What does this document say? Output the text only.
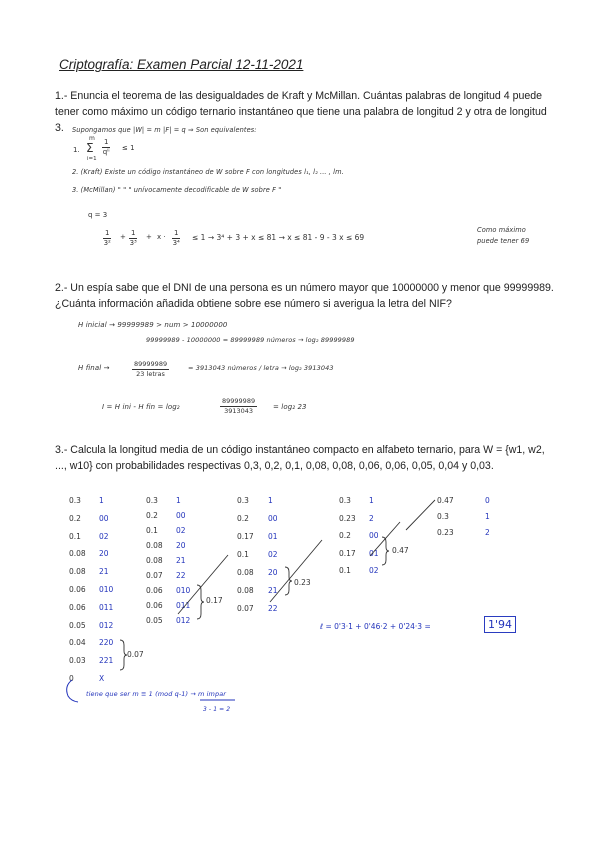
Criptografía: Examen Parcial 12-11-2021
1.- Enuncia el teorema de las desigualdades de Kraft y McMillan. Cuántas palabras de longitud 4 puede tener como máximo un código ternario instantáneo que tiene una palabra de longitud 2 y otra de longitud 3.	Supongamos que |W| = m |F| = q ⇒ Son equivalentes:
1.
m
Σ
i=1
1
qˡⁱ ≤ 1
2. (Kraft) Existe un código instantáneo de W sobre F con longitudes l₁, l₂ ... , lm.
3. (McMillan) " " " unívocamente decodificable de W sobre F "
q = 3
$\frac{1}{\text{3²}} + \frac{1}{\text{3³}} + x \cdot \frac{1}{\text{3⁴}} \le 1 \to 3^4 + 3 + x \le 81 \to x \le 81 - 9 - 3$ x ≤ 69
Como máximo
puede tener 69
2.- Un espía sabe que el DNI de una persona es un número mayor que 10000000 y menor que 99999989. ¿Cuánta información añadida obtiene sobre ese número si averigua la letra del NIF?
H inicial → 99999989 > num > 10000000
99999989 - 10000000 = 89999989 números → log₂ 89999989
H final →	89999989
23 letras
= 3913043 números / letra → log₂ 3913043
I = H ini - H fin = log₂	$\frac{89999989}{3913043} = \log_2$ 23
3.- Calcula la longitud media de un código instantáneo compacto en alfabeto ternario, para W = {w1, w2, ..., w10} con probabilidades respectivas 0,3, 0,2, 0,1, 0,08, 0,08, 0,06, 0,06, 0,05, 0,04 y 0,03.
0.3 1
0.2 00
0.1 02
0.08 20
0.08 21
0.06 010
0.06 011
0.05 012
0.04 220
0.03 221
0	X
0.3 1
0.2 00
0.1 02
0.08 20
0.08 21
0.07 22
0.06 010
0.06 011
0.05 012
0.3	1
0.2	00
0.17 01
0.1	02
0.08 20
0.08 21
0.07 22
0.3 1
0.23 2
0.2 00
0.17 01
0.1 02
0.47	0
0.3	1
0.23	2
0.07
0.17
0.23
0.47
ℓ = 0'3·1 + 0'46·2 + 0'24·3 =	1'94
tiene que ser m ≡ 1 (mod q-1) → m impar
3 - 1 = 2
